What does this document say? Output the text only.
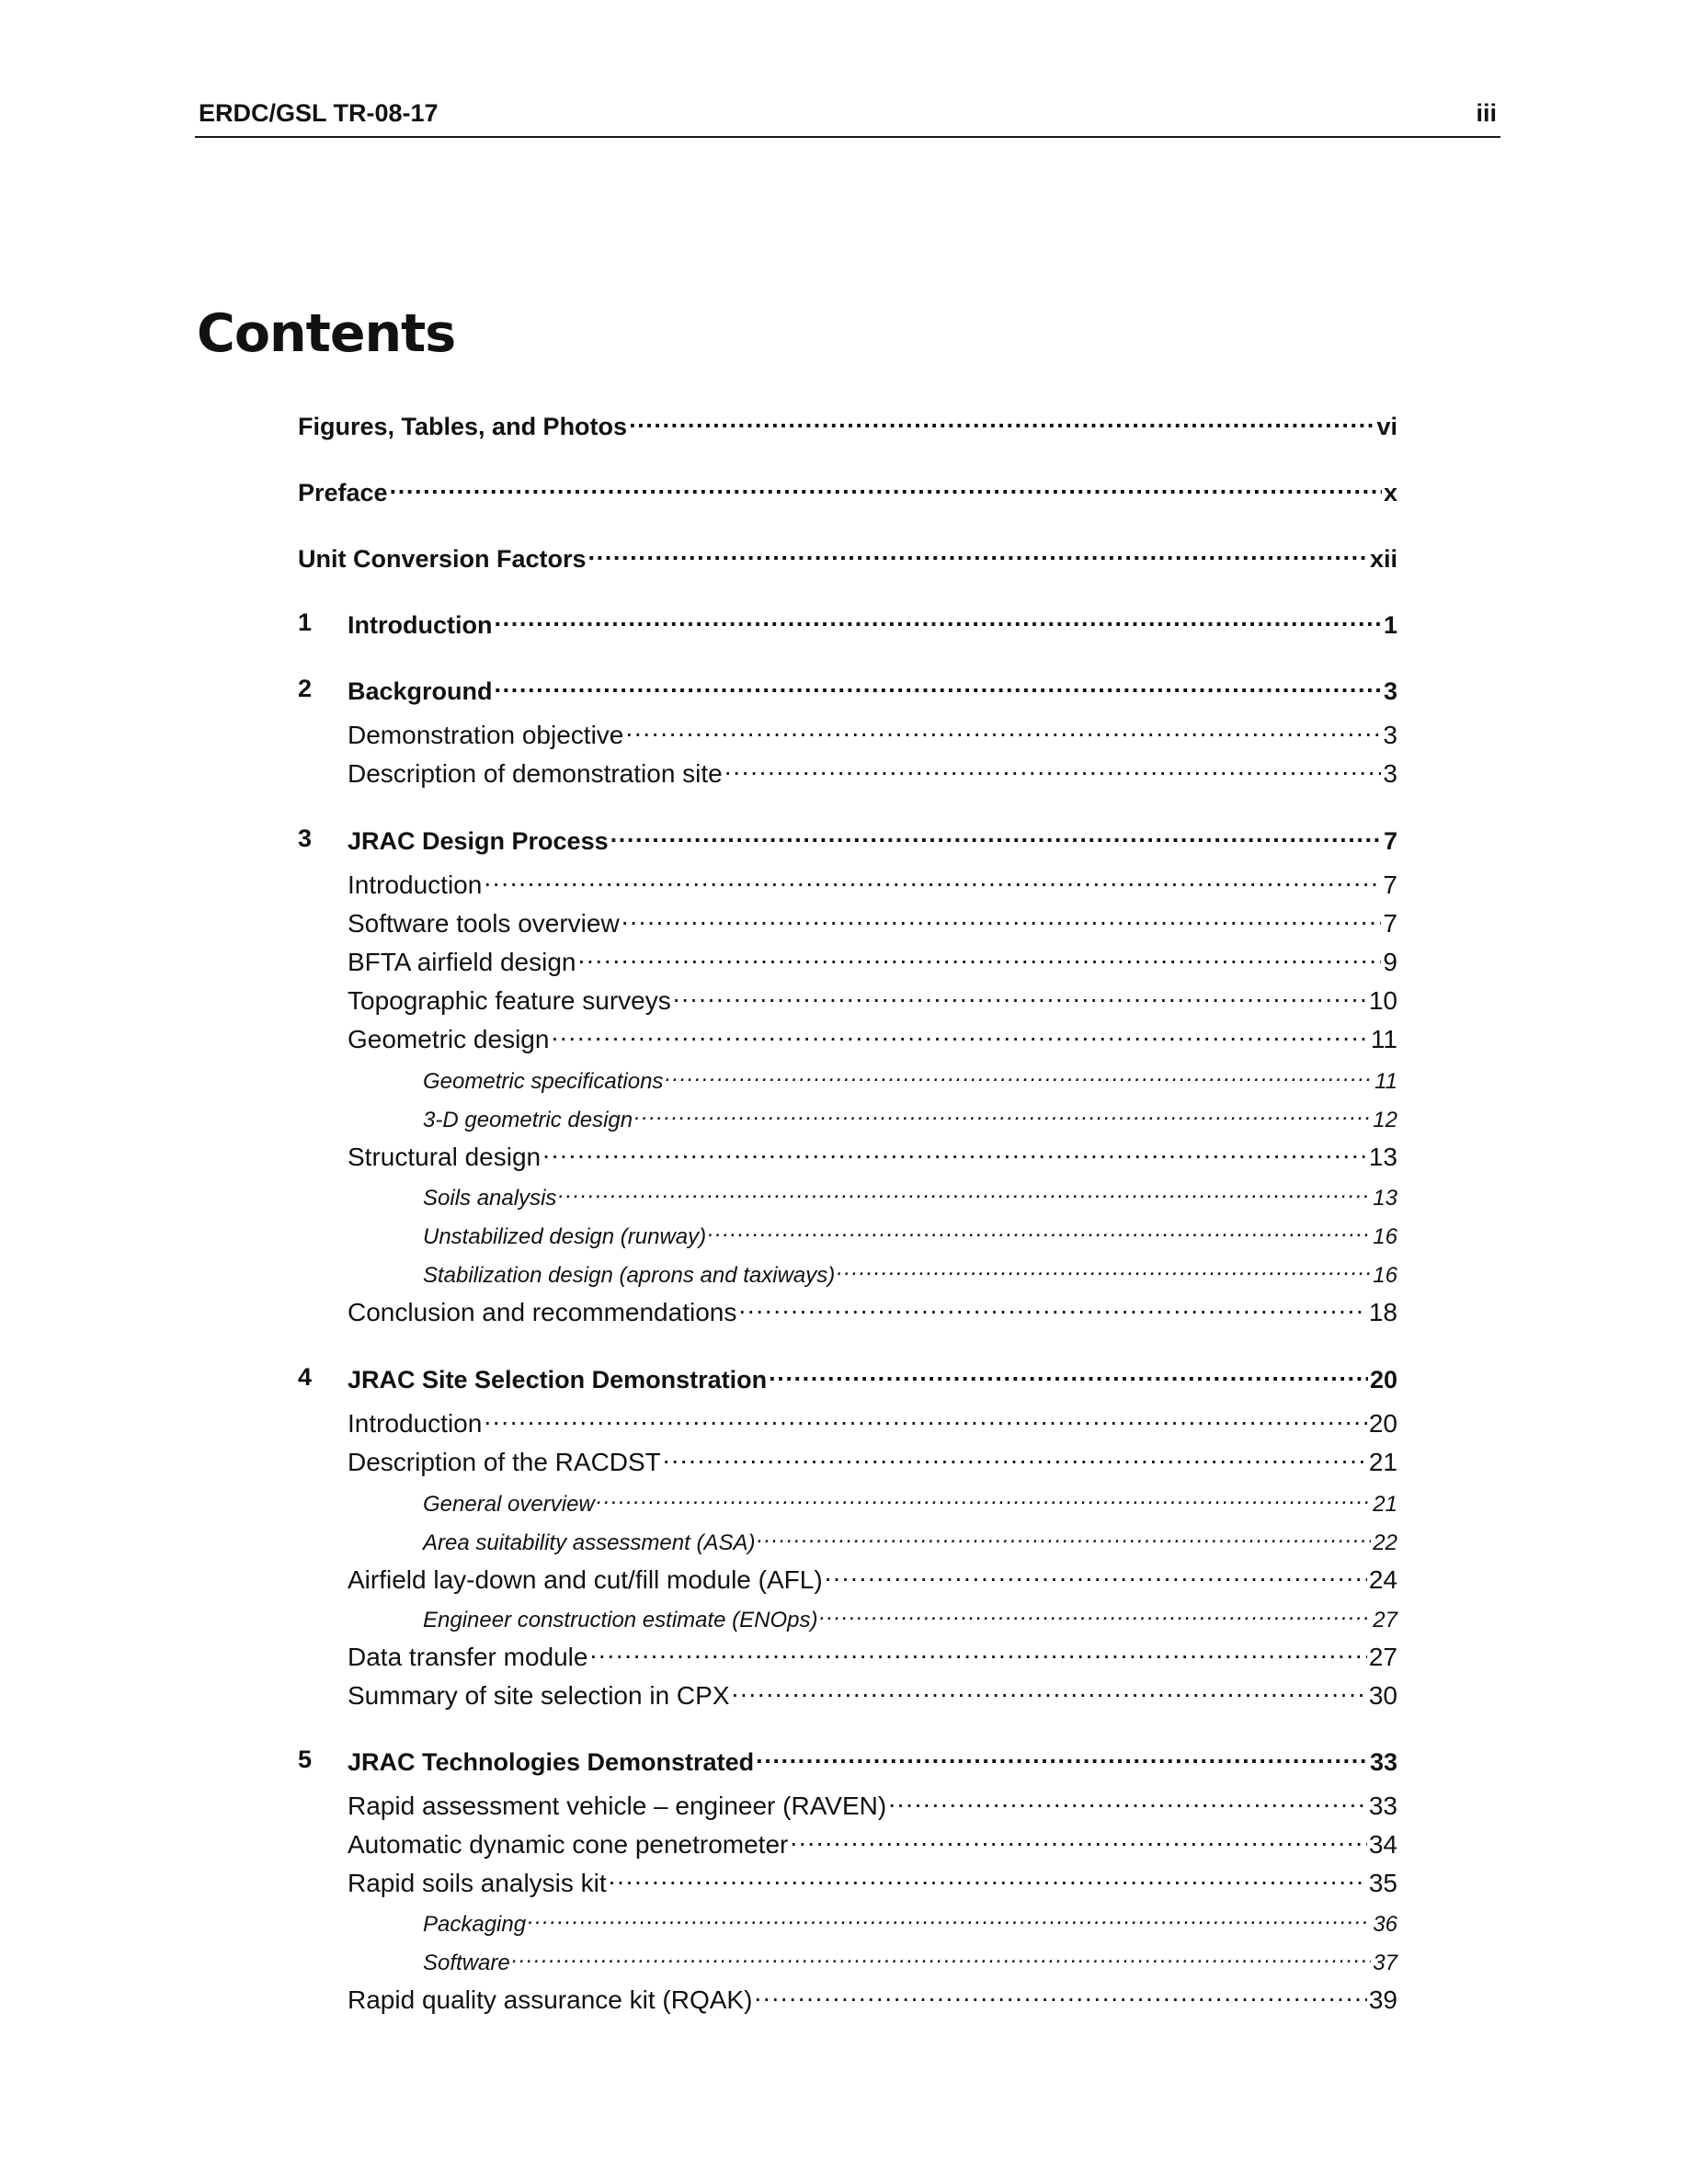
ERDC/GSL TR-08-17	iii
Contents
Figures, Tables, and Photos .....	vi
Preface .....	x
Unit Conversion Factors .....	xii
1 Introduction .....	1
2 Background .....	3
Demonstration objective .....	3
Description of demonstration site .....	3
3 JRAC Design Process .....	7
Introduction .....	7
Software tools overview .....	7
BFTA airfield design .....	9
Topographic feature surveys .....	10
Geometric design .....	11
Geometric specifications .....	11
3-D geometric design .....	12
Structural design .....	13
Soils analysis .....	13
Unstabilized design (runway) .....	16
Stabilization design (aprons and taxiways) .....	16
Conclusion and recommendations .....	18
4 JRAC Site Selection Demonstration .....	20
Introduction .....	20
Description of the RACDST .....	21
General overview .....	21
Area suitability assessment (ASA) .....	22
Airfield lay-down and cut/fill module (AFL) .....	24
Engineer construction estimate (ENOps) .....	27
Data transfer module .....	27
Summary of site selection in CPX .....	30
5 JRAC Technologies Demonstrated .....	33
Rapid assessment vehicle – engineer (RAVEN) .....	33
Automatic dynamic cone penetrometer .....	34
Rapid soils analysis kit .....	35
Packaging .....	36
Software .....	37
Rapid quality assurance kit (RQAK) .....	39
